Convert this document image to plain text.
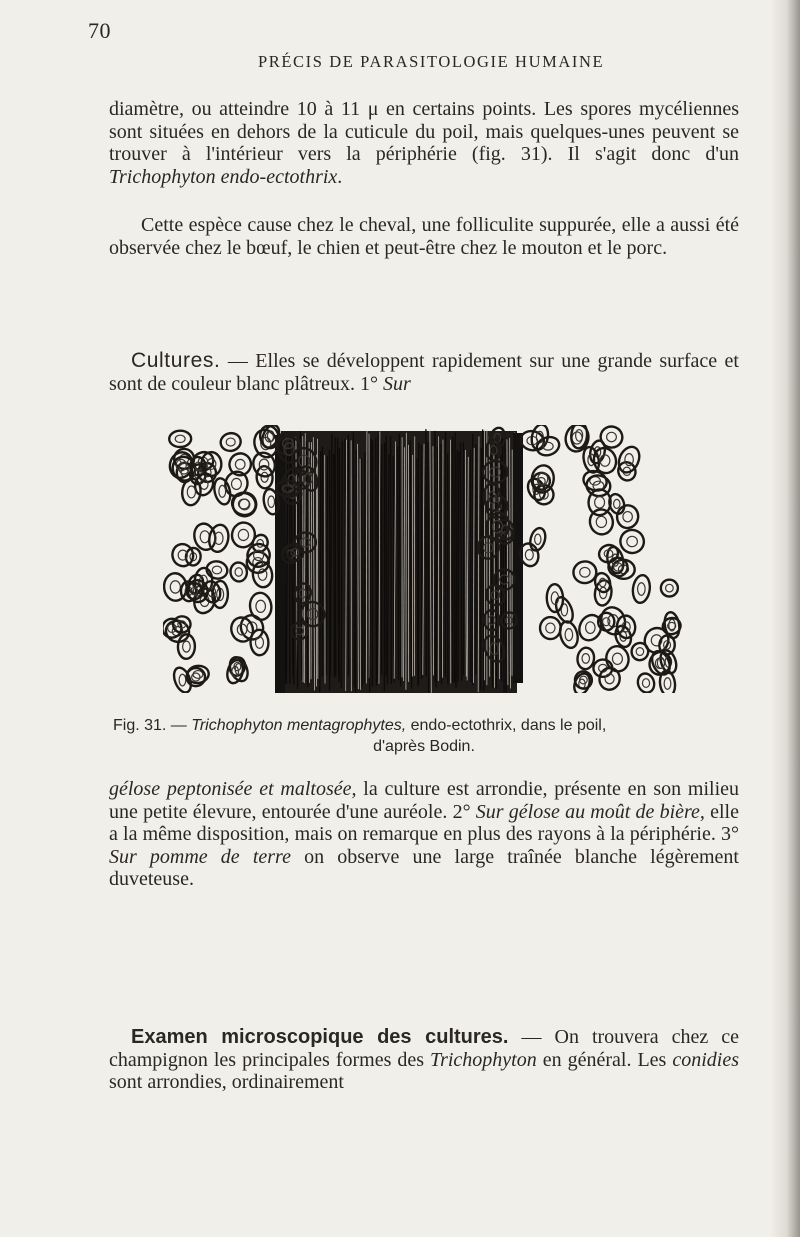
70
PRÉCIS DE PARASITOLOGIE HUMAINE
diamètre, ou atteindre 10 à 11 μ en certains points. Les spores mycéliennes sont situées en dehors de la cuticule du poil, mais quelques-unes peuvent se trouver à l'intérieur vers la périphérie (fig. 31). Il s'agit donc d'un Trichophyton endo-ectothrix.
Cette espèce cause chez le cheval, une folliculite suppurée, elle a aussi été observée chez le bœuf, le chien et peut-être chez le mouton et le porc.
Cultures. — Elles se développent rapidement sur une grande surface et sont de couleur blanc plâtreux. 1° Sur
Fig. 31. — Trichophyton mentagrophytes, endo-ectothrix, dans le poil,
d'après Bodin.
gélose peptonisée et maltosée, la culture est arrondie, présente en son milieu une petite élevure, entourée d'une auréole. 2° Sur gélose au moût de bière, elle a la même disposition, mais on remarque en plus des rayons à la périphérie. 3° Sur pomme de terre on observe une large traînée blanche légèrement duveteuse.
Examen microscopique des cultures. — On trouvera chez ce champignon les principales formes des Trichophyton en général. Les conidies sont arrondies, ordinairement
